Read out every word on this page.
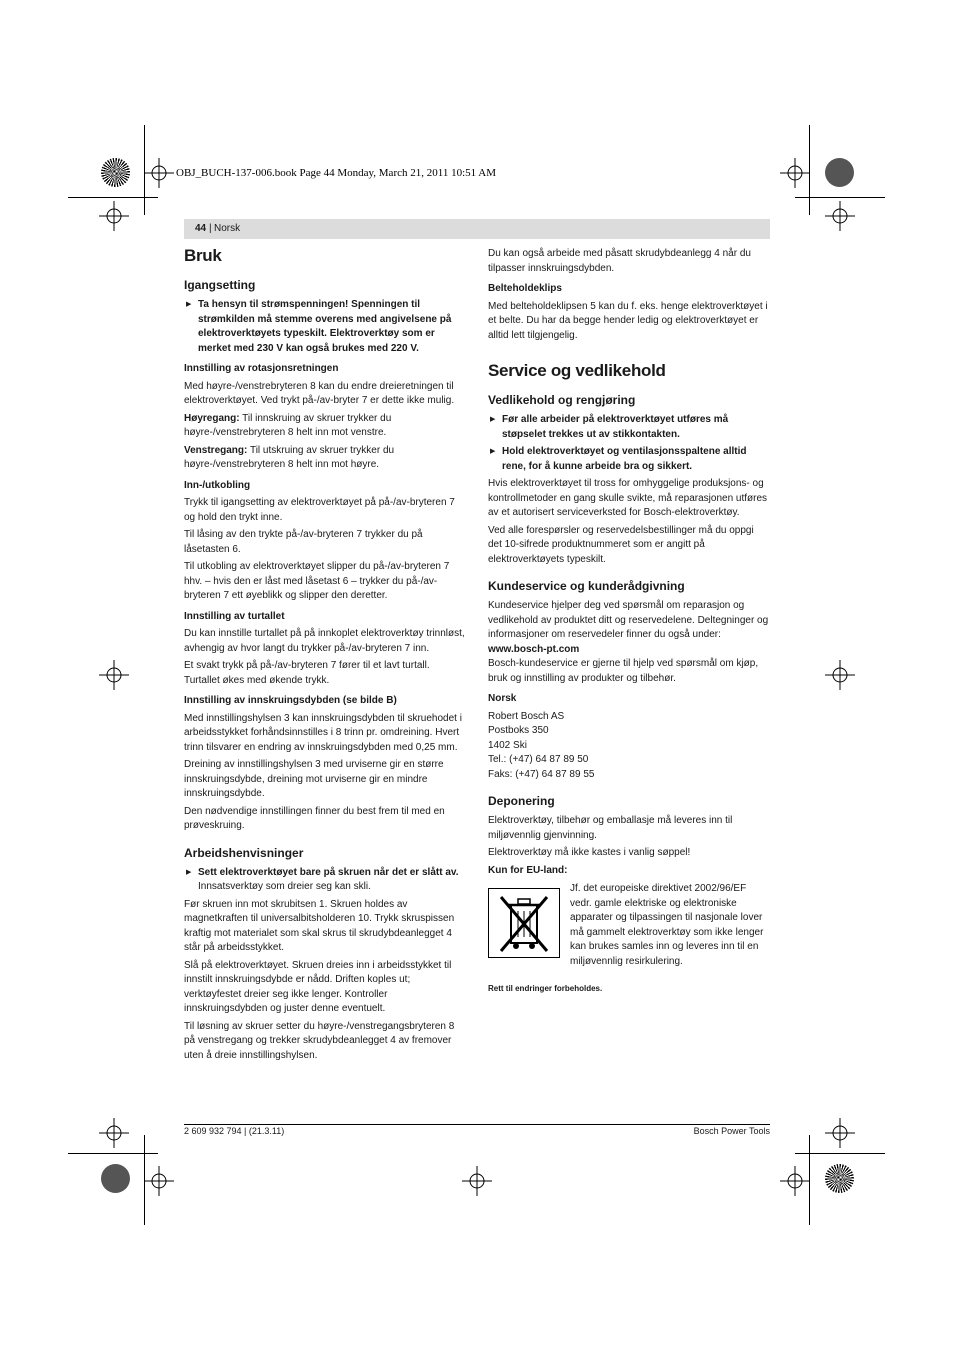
OBJ_BUCH-137-006.book Page 44 Monday, March 21, 2011 10:51 AM
44 | Norsk
Bruk
Igangsetting
▶ Ta hensyn til strømspenningen! Spenningen til strømkilden må stemme overens med angivelsene på elektroverktøyets typeskilt. Elektroverktøy som er merket med 230 V kan også brukes med 220 V.
Innstilling av rotasjonsretningen

Med høyre-/venstrebryteren 8 kan du endre dreieretningen til elektroverktøyet. Ved trykt på-/av-bryter 7 er dette ikke mulig.

Høyregang: Til innskruing av skruer trykker du høyre-/venstrebryteren 8 helt inn mot venstre.

Venstregang: Til utskruing av skruer trykker du høyre-/venstrebryteren 8 helt inn mot høyre.

Inn-/utkobling

Trykk til igangsetting av elektroverktøyet på på-/av-bryteren 7 og hold den trykt inne.

Til låsing av den trykte på-/av-bryteren 7 trykker du på låsetasten 6.

Til utkobling av elektroverktøyet slipper du på-/av-bryteren 7 hhv. – hvis den er låst med låsetast 6 – trykker du på-/av-bryteren 7 ett øyeblikk og slipper den deretter.

Innstilling av turtallet

Du kan innstille turtallet på på innkoplet elektroverktøy trinnløst, avhengig av hvor langt du trykker på-/av-bryteren 7 inn.

Et svakt trykk på på-/av-bryteren 7 fører til et lavt turtall. Turtallet økes med økende trykk.

Innstilling av innskruingsdybden (se bilde B)

Med innstillingshylsen 3 kan innskruingsdybden til skruehodet i arbeidsstykket forhåndsinnstilles i 8 trinn pr. omdreining. Hvert trinn tilsvarer en endring av innskruingsdybden med 0,25 mm.

Dreining av innstillingshylsen 3 med urviserne gir en større innskruingsdybde, dreining mot urviserne gir en mindre innskruingsdybde.

Den nødvendige innstillingen finner du best frem til med en prøveskruing.

Arbeidshenvisninger
▶ Sett elektroverktøyet bare på skruen når det er slått av. Innsatsverktøy som dreier seg kan skli.

Før skruen inn mot skrubitsen 1. Skruen holdes av magnetkraften til universalbitsholderen 10. Trykk skruspissen kraftig mot materialet som skal skrus til skrudybdeanlegget 4 står på arbeidsstykket.

Slå på elektroverktøyet. Skruen dreies inn i arbeidsstykket til innstilt innskruingsdybde er nådd. Driften koples ut; verktøyfestet dreier seg ikke lenger. Kontroller innskruingsdybden og juster denne eventuelt.

Til løsning av skruer setter du høyre-/venstregangsbryteren 8 på venstregang og trekker skrudybdeanlegget 4 av fremover uten å dreie innstillingshylsen.

Du kan også arbeide med påsatt skrudybdeanlegg 4 når du tilpasser innskruingsdybden.

Belteholdeklips

Med belteholdeklipsen 5 kan du f. eks. henge elektroverktøyet i et belte. Du har da begge hender ledig og elektroverktøyet er alltid lett tilgjengelig.

Service og vedlikehold
Vedlikehold og rengjøring
▶ Før alle arbeider på elektroverktøyet utføres må støpselet trekkes ut av stikkontakten.
▶ Hold elektroverktøyet og ventilasjonsspaltene alltid rene, for å kunne arbeide bra og sikkert.

Hvis elektroverktøyet til tross for omhyggelige produksjons- og kontrollmetoder en gang skulle svikte, må reparasjonen utføres av et autorisert serviceverksted for Bosch-elektroverktøy.

Ved alle forespørsler og reservedelsbestillinger må du oppgi det 10-sifrede produktnummeret som er angitt på elektroverktøyets typeskilt.

Kundeservice og kunderådgivning

Kundeservice hjelper deg ved spørsmål om reparasjon og vedlikehold av produktet ditt og reservedelene. Deltegninger og informasjoner om reservedeler finner du også under:

www.bosch-pt.com

Bosch-kundeservice er gjerne til hjelp ved spørsmål om kjøp, bruk og innstilling av produkter og tilbehør.

Norsk

Robert Bosch AS

Postboks 350

1402 Ski

Tel.: (+47) 64 87 89 50

Faks: (+47) 64 87 89 55

Deponering

Elektroverktøy, tilbehør og emballasje må leveres inn til miljøvennlig gjenvinning.

Elektroverktøy må ikke kastes i vanlig søppel!

Kun for EU-land:

Jf. det europeiske direktivet 2002/96/EF vedr. gamle elektriske og elektroniske apparater og tilpassingen til nasjonale lover må gammelt elektroverktøy som ikke lenger kan brukes samles inn og leveres inn til en miljøvennlig resirkulering.

Rett til endringer forbeholdes.

2 609 932 794 | (21.3.11)	Bosch Power Tools
